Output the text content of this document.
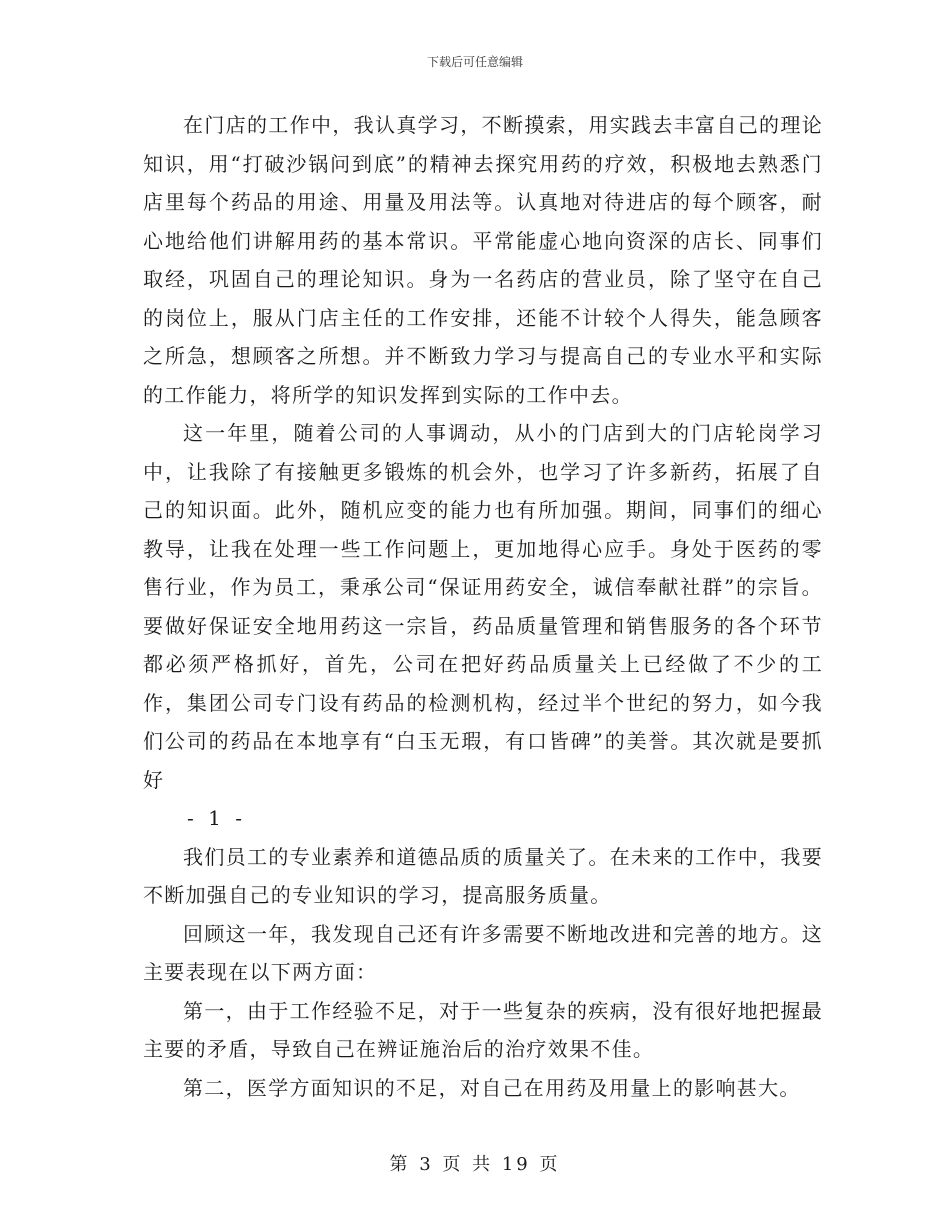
下载后可任意编辑

在门店的工作中，我认真学习，不断摸索，用实践去丰富自己的理论知识，用“打破沙锅问到底”的精神去探究用药的疗效，积极地去熟悉门店里每个药品的用途、用量及用法等。认真地对待进店的每个顾客，耐心地给他们讲解用药的基本常识。平常能虚心地向资深的店长、同事们取经，巩固自己的理论知识。身为一名药店的营业员，除了坚守在自己的岗位上，服从门店主任的工作安排，还能不计较个人得失，能急顾客之所急，想顾客之所想。并不断致力学习与提高自己的专业水平和实际的工作能力，将所学的知识发挥到实际的工作中去。

这一年里，随着公司的人事调动，从小的门店到大的门店轮岗学习中，让我除了有接触更多锻炼的机会外，也学习了许多新药，拓展了自己的知识面。此外，随机应变的能力也有所加强。期间，同事们的细心教导，让我在处理一些工作问题上，更加地得心应手。身处于医药的零售行业，作为员工，秉承公司“保证用药安全，诚信奉献社群”的宗旨。要做好保证安全地用药这一宗旨，药品质量管理和销售服务的各个环节都必须严格抓好，首先，公司在把好药品质量关上已经做了不少的工作，集团公司专门设有药品的检测机构，经过半个世纪的努力，如今我们公司的药品在本地享有“白玉无瑕，有口皆碑”的美誉。其次就是要抓好

- 1 -

我们员工的专业素养和道德品质的质量关了。在未来的工作中，我要不断加强自己的专业知识的学习，提高服务质量。

回顾这一年，我发现自己还有许多需要不断地改进和完善的地方。这主要表现在以下两方面：

第一，由于工作经验不足，对于一些复杂的疾病，没有很好地把握最主要的矛盾，导致自己在辨证施治后的治疗效果不佳。

第二，医学方面知识的不足，对自己在用药及用量上的影响甚大。

第 3 页 共 19 页
